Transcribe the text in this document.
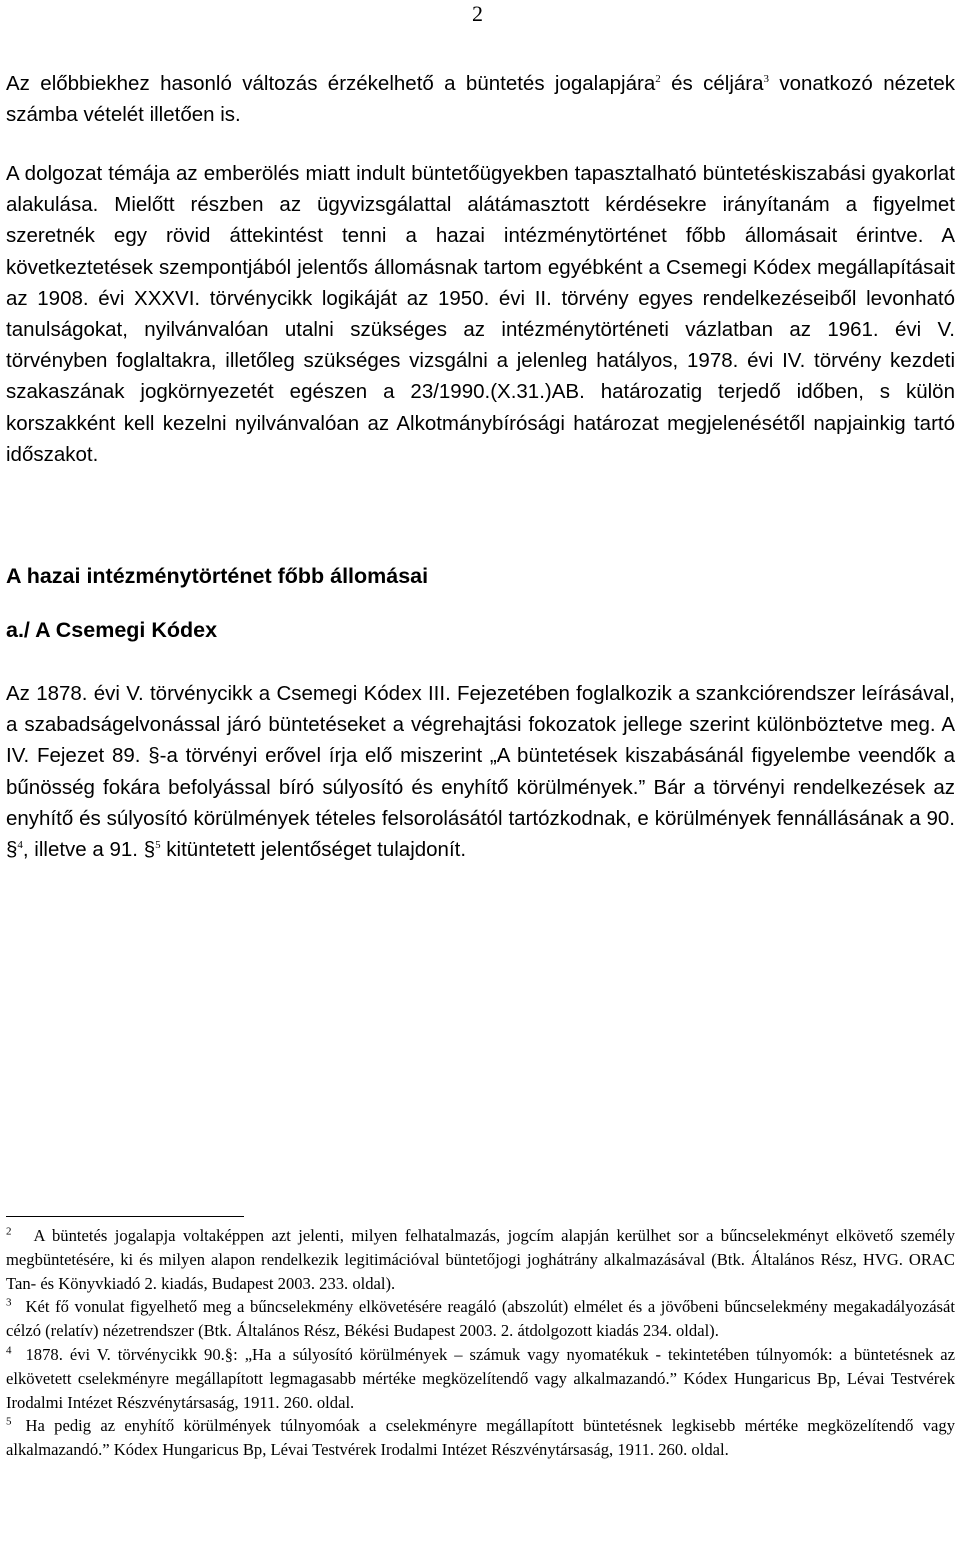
2

Az előbbiekhez hasonló változás érzékelhető a büntetés jogalapjára$^2$ és céljára$^3$ vonatkozó nézetek számba vételét illetően is.

A dolgozat témája az emberölés miatt indult büntetőügyekben tapasztalható büntetéskiszabási gyakorlat alakulása. Mielőtt részben az ügyvizsgálattal alátámasztott kérdésekre irányítanám a figyelmet szeretnék egy rövid áttekintést tenni a hazai intézménytörténet főbb állomásait érintve. A következtetések szempontjából jelentős állomásnak tartom egyébként a Csemegi Kódex megállapításait az 1908. évi XXXVI. törvénycikk logikáját az 1950. évi II. törvény egyes rendelkezéseiből levonható tanulságokat, nyilvánvalóan utalni szükséges az intézménytörténeti vázlatban az 1961. évi V. törvényben foglaltakra, illetőleg szükséges vizsgálni a jelenleg hatályos, 1978. évi IV. törvény kezdeti szakaszának jogkörnyezetét egészen a 23/1990.(X.31.)AB. határozatig terjedő időben, s külön korszakként kell kezelni nyilvánvalóan az Alkotmánybírósági határozat megjelenésétől napjainkig tartó időszakot.

A hazai intézménytörténet főbb állomásai
a./ A Csemegi Kódex

Az 1878. évi V. törvénycikk a Csemegi Kódex III. Fejezetében foglalkozik a szankciórendszer leírásával, a szabadságelvonással járó büntetéseket a végrehajtási fokozatok jellege szerint különböztetve meg. A IV. Fejezet 89. §-a törvényi erővel írja elő miszerint „A büntetések kiszabásánál figyelembe veendők a bűnösség fokára befolyással bíró súlyosító és enyhítő körülmények.” Bár a törvényi rendelkezések az enyhítő és súlyosító körülmények tételes felsorolásától tartózkodnak, e körülmények fennállásának a 90. §$^4$, illetve a 91. §$^5$ kitüntetett jelentőséget tulajdonít.

$^2$ A büntetés jogalapja voltaképpen azt jelenti, milyen felhatalmazás, jogcím alapján kerülhet sor a bűncselekményt elkövető személy megbüntetésére, ki és milyen alapon rendelkezik legitimációval büntetőjogi joghátrány alkalmazásával (Btk. Általános Rész, HVG. ORAC Tan- és Könyvkiadó 2. kiadás, Budapest 2003. 233. oldal).

$^3$ Két fő vonulat figyelhető meg a bűncselekmény elkövetésére reagáló (abszolút) elmélet és a jövőbeni bűncselekmény megakadályozását célzó (relatív) nézetrendszer (Btk. Általános Rész, Békési Budapest 2003. 2. átdolgozott kiadás 234. oldal).

$^4$ 1878. évi V. törvénycikk 90.§: „Ha a súlyosító körülmények – számuk vagy nyomatékuk - tekintetében túlnyomók: a büntetésnek az elkövetett cselekményre megállapított legmagasabb mértéke megközelítendő vagy alkalmazandó.” Kódex Hungaricus Bp, Lévai Testvérek Irodalmi Intézet Részvénytársaság, 1911. 260. oldal.

$^5$ Ha pedig az enyhítő körülmények túlnyomóak a cselekményre megállapított büntetésnek legkisebb mértéke megközelítendő vagy alkalmazandó.” Kódex Hungaricus Bp, Lévai Testvérek Irodalmi Intézet Részvénytársaság, 1911. 260. oldal.
